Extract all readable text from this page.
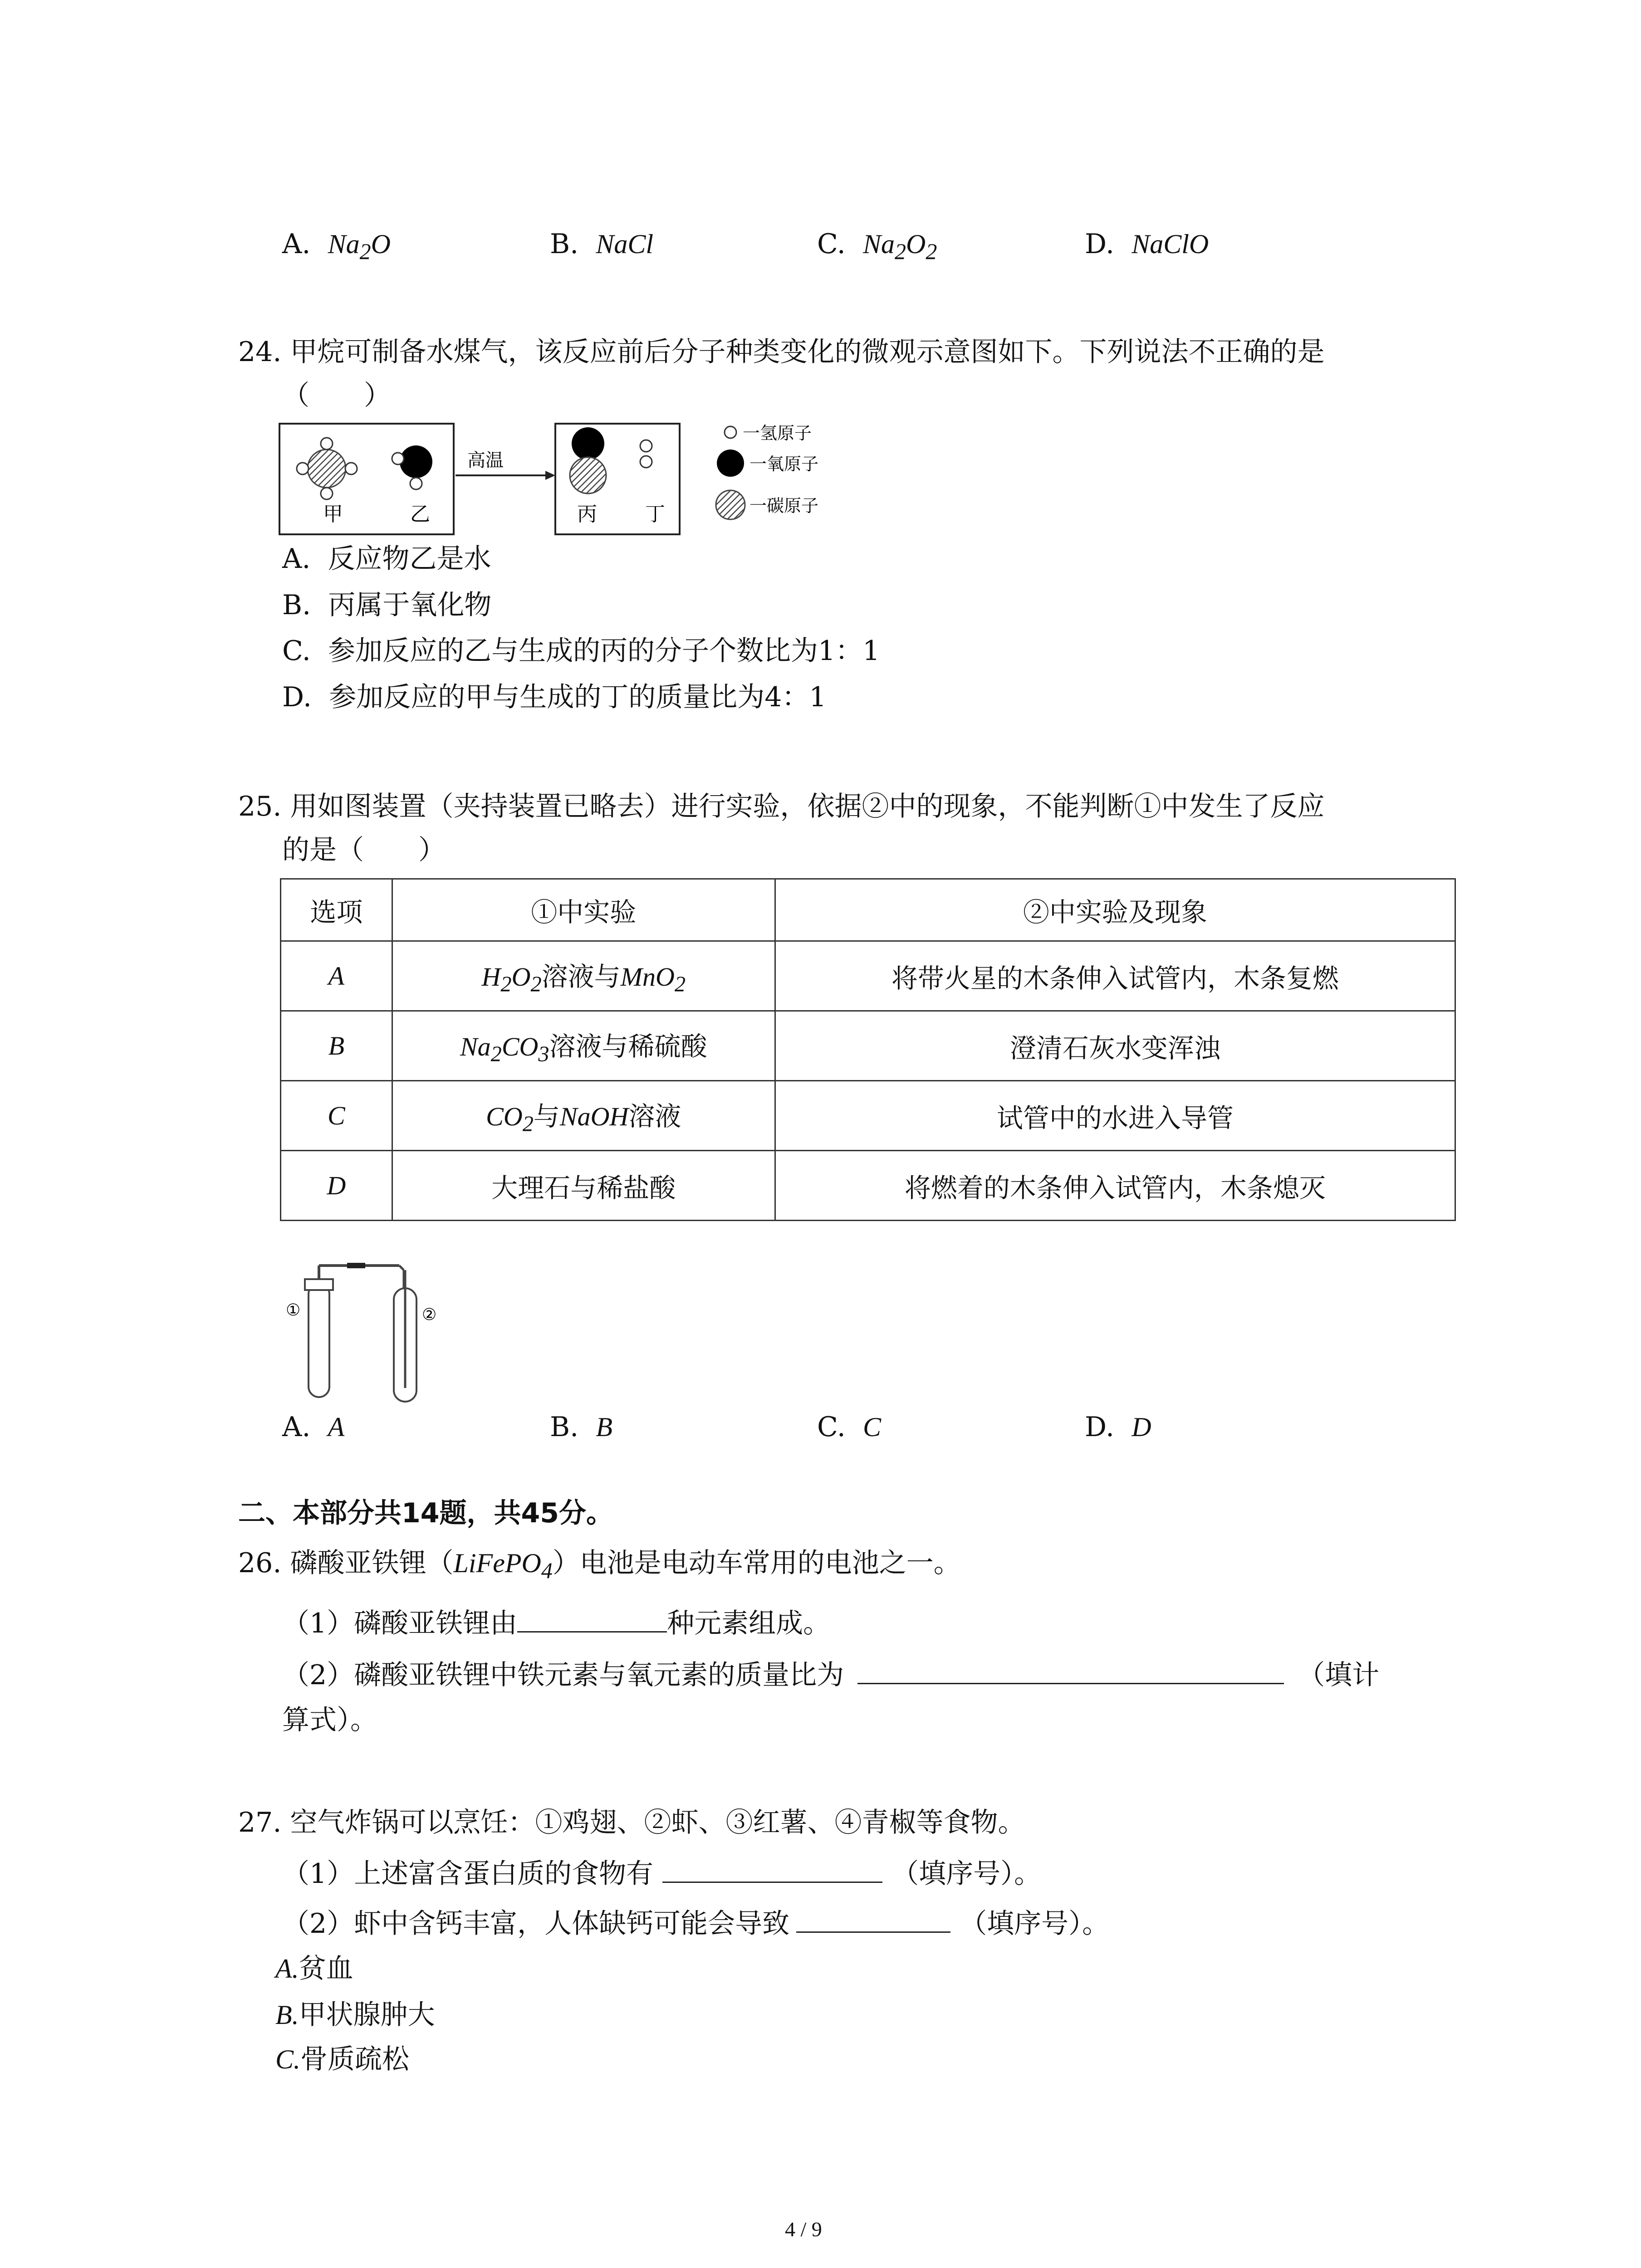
A. $Na_2O$	B. NaCl	C. $Na_2O_2$	D. NaClO
24. 甲烷可制备水煤气，该反应前后分子种类变化的微观示意图如下。下列说法不正确的是
（　　）
甲	乙
高温
丙 丁
一氢原子
一氧原子
一碳原子
A. 反应物乙是水
B. 丙属于氧化物
C. 参加反应的乙与生成的丙的分子个数比为1：1
D. 参加反应的甲与生成的丁的质量比为4：1
25. 用如图装置（夹持装置已略去）进行实验，依据②中的现象，不能判断①中发生了反应
的是（　　）
选项	①中实验	②中实验及现象
A	$H_2O_2$溶液与MnO$_2$	将带火星的木条伸入试管内，木条复燃
B	$Na_2CO_3$溶液与稀硫酸	澄清石灰水变浑浊
C	$CO_2$与NaOH溶液	试管中的水进入导管
D	大理石与稀盐酸	将燃着的木条伸入试管内，木条熄灭
①	②
A. A	B. B	C. C	D. D
二、本部分共14题，共45分。
26. 磷酸亚铁锂（LiFePO$_4$）电池是电动车常用的电池之一。
（1）磷酸亚铁锂由	种元素组成。
（2）磷酸亚铁锂中铁元素与氧元素的质量比为	（填计
算式）。
27. 空气炸锅可以烹饪：①鸡翅、②虾、③红薯、④青椒等食物。
（1）上述富含蛋白质的食物有	（填序号）。
（2）虾中含钙丰富，人体缺钙可能会导致	（填序号）。
A.贫血
B.甲状腺肿大
C.骨质疏松
4 / 9
